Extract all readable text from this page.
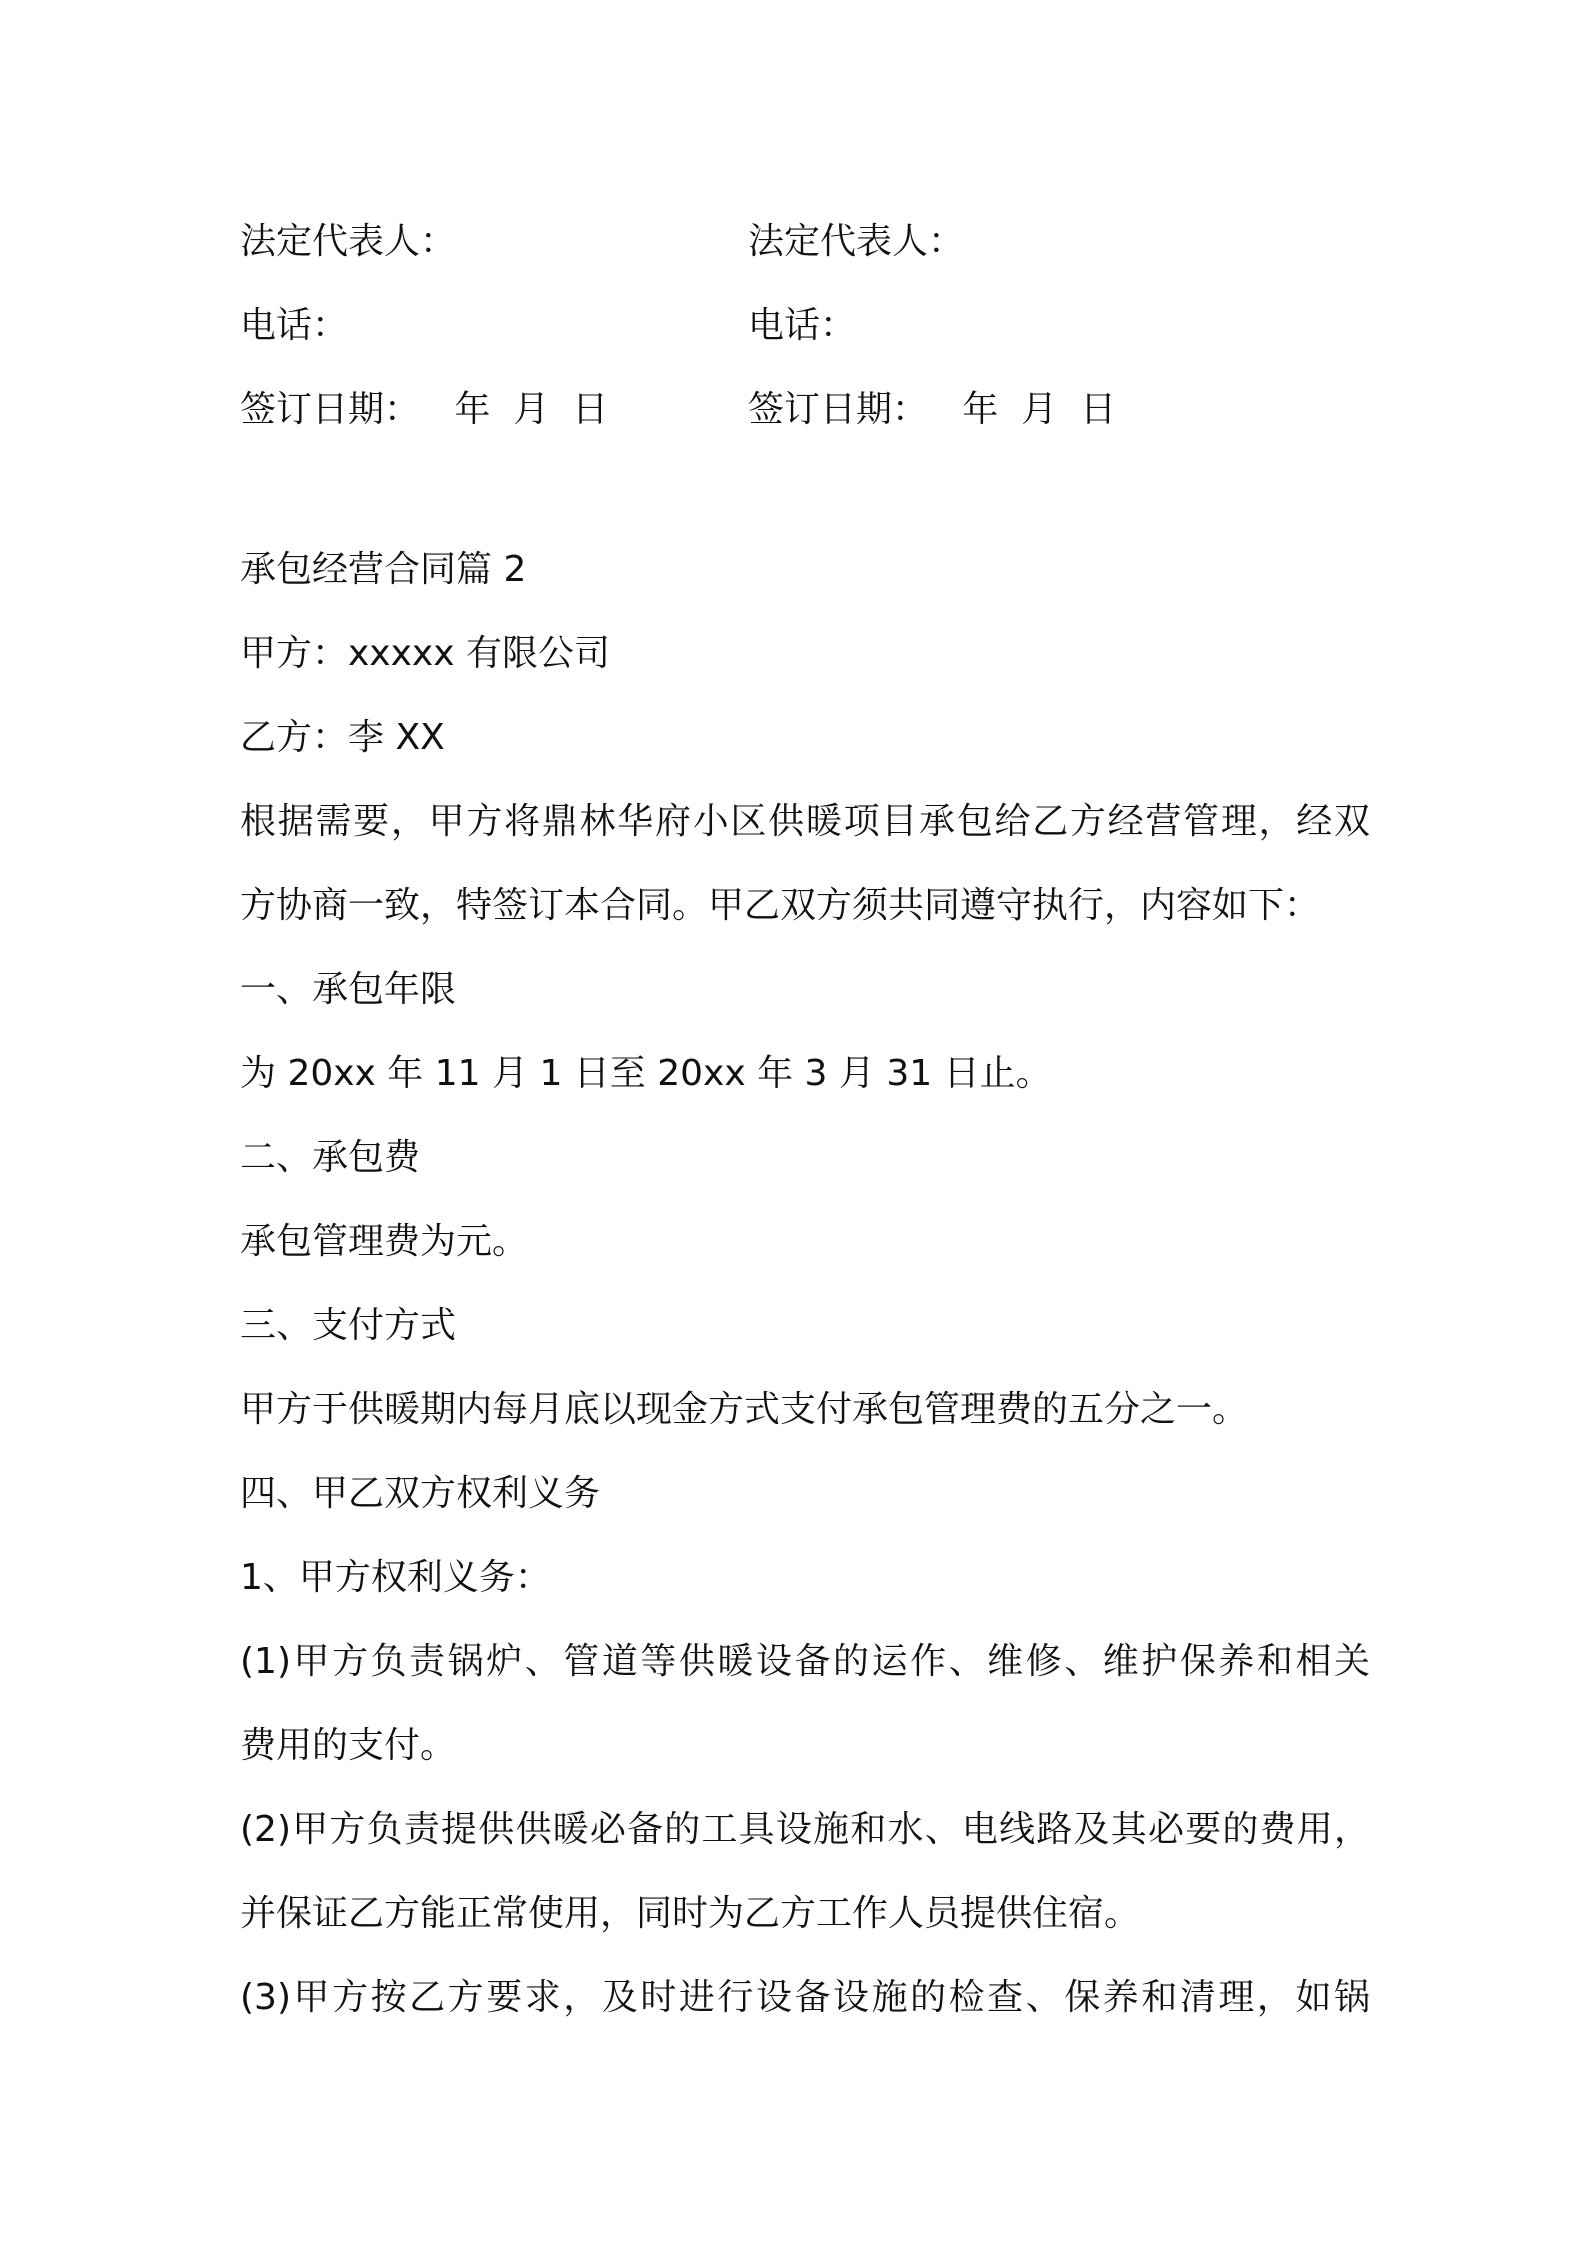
法定代表人：	法定代表人：
电话：	电话：
签订日期：   年  月  日	签订日期：   年  月  日
承包经营合同篇 2
甲方：xxxxx 有限公司
乙方：李 XX
根据需要，甲方将鼎林华府小区供暖项目承包给乙方经营管理，经双
方协商一致，特签订本合同。甲乙双方须共同遵守执行，内容如下：
一、承包年限
为 20xx 年 11 月 1 日至 20xx 年 3 月 31 日止。
二、承包费
承包管理费为元。
三、支付方式
甲方于供暖期内每月底以现金方式支付承包管理费的五分之一。
四、甲乙双方权利义务
1、甲方权利义务：
(1)甲方负责锅炉、管道等供暖设备的运作、维修、维护保养和相关
费用的支付。
(2)甲方负责提供供暖必备的工具设施和水、电线路及其必要的费用，
并保证乙方能正常使用，同时为乙方工作人员提供住宿。
(3)甲方按乙方要求，及时进行设备设施的检查、保养和清理，如锅
